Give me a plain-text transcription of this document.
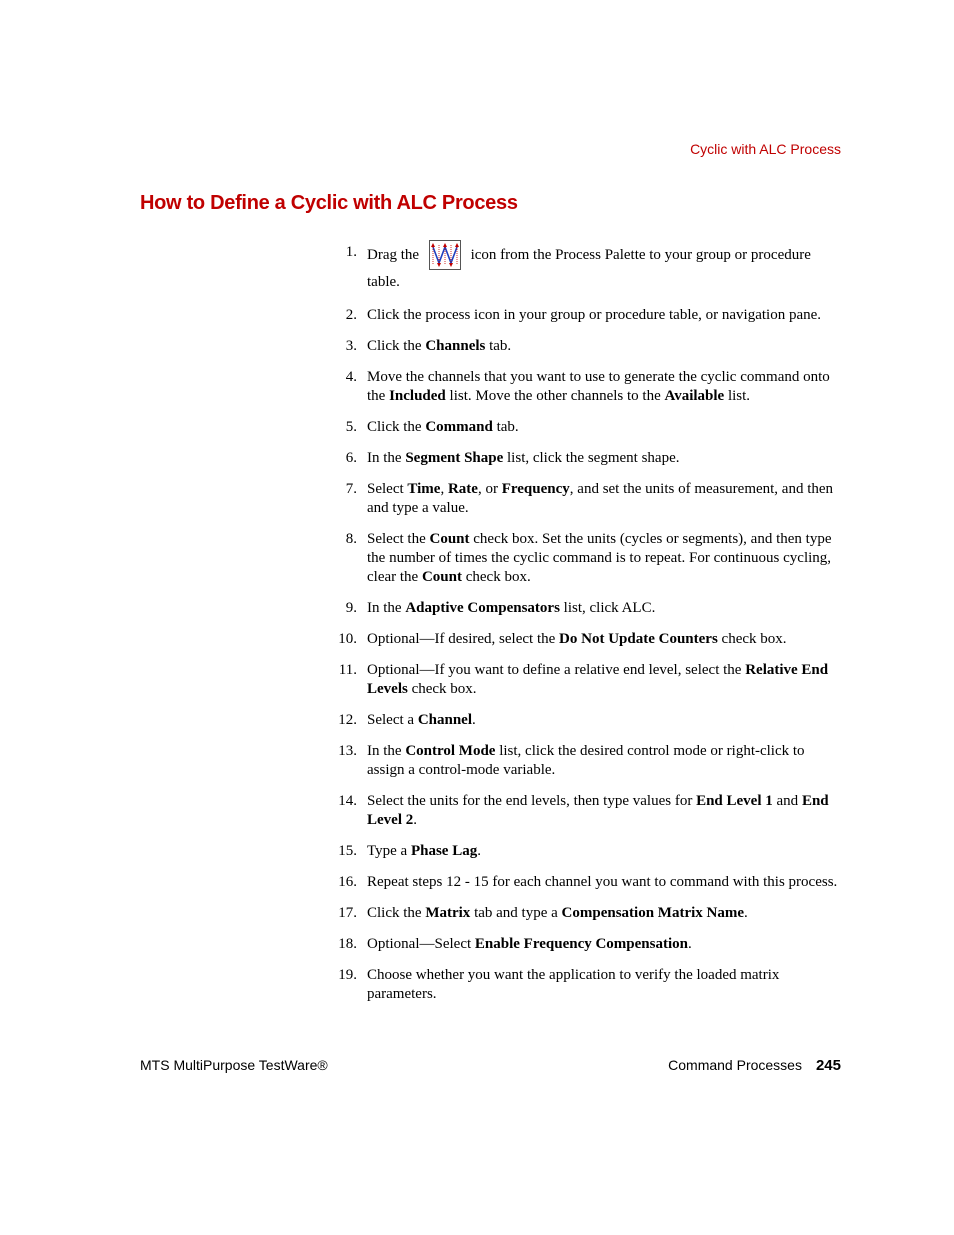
Cyclic with ALC Process
How to Define a Cyclic with ALC Process
1. Drag the	icon from the Process Palette to your group or procedure table.
2. Click the process icon in your group or procedure table, or navigation pane.
3. Click the Channels tab.
4. Move the channels that you want to use to generate the cyclic command onto the Included list. Move the other channels to the Available list.
5. Click the Command tab.
6. In the Segment Shape list, click the segment shape.
7. Select Time, Rate, or Frequency, and set the units of measurement, and then and type a value.
8. Select the Count check box. Set the units (cycles or segments), and then type the number of times the cyclic command is to repeat. For continuous cycling, clear the Count check box.
9. In the Adaptive Compensators list, click ALC.
10. Optional—If desired, select the Do Not Update Counters check box.
11. Optional—If you want to define a relative end level, select the Relative End Levels check box.
12. Select a Channel.
13. In the Control Mode list, click the desired control mode or right-click to assign a control-mode variable.
14. Select the units for the end levels, then type values for End Level 1 and End Level 2.
15. Type a Phase Lag.
16. Repeat steps 12 - 15 for each channel you want to command with this process.
17. Click the Matrix tab and type a Compensation Matrix Name.
18. Optional—Select Enable Frequency Compensation.
19. Choose whether you want the application to verify the loaded matrix parameters.
MTS MultiPurpose TestWare®	Command Processes 245
